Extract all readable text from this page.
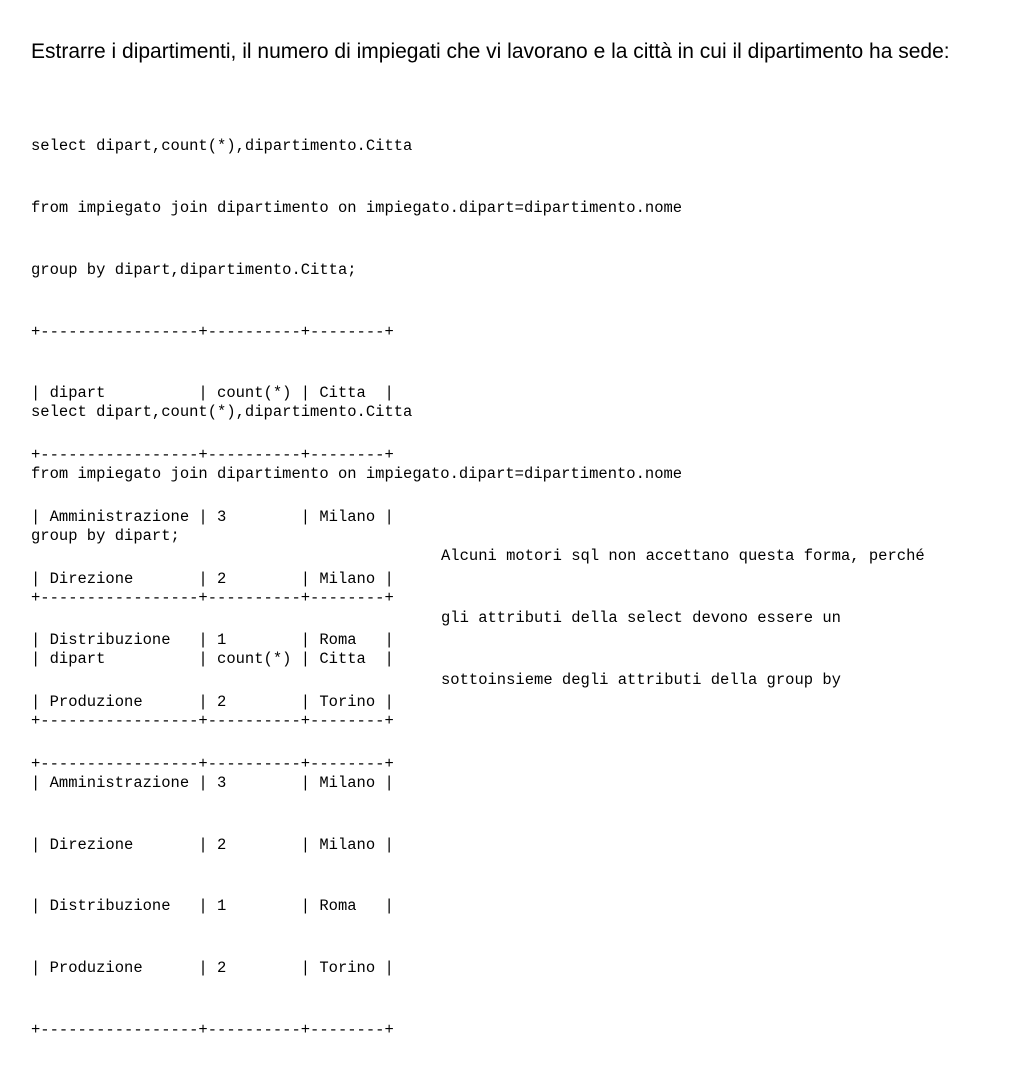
Estrarre i dipartimenti, il numero di impiegati che vi lavorano e la città in cui il dipartimento ha sede:

select dipart,count(*),dipartimento.Citta

from impiegato join dipartimento on impiegato.dipart=dipartimento.nome

group by dipart,dipartimento.Citta;

+-----------------+----------+--------+

| dipart          | count(*) | Citta  |

+-----------------+----------+--------+

| Amministrazione | 3        | Milano |

| Direzione       | 2        | Milano |

| Distribuzione   | 1        | Roma   |

| Produzione      | 2        | Torino |

+-----------------+----------+--------+

select dipart,count(*),dipartimento.Citta

from impiegato join dipartimento on impiegato.dipart=dipartimento.nome

group by dipart;

+-----------------+----------+--------+

| dipart          | count(*) | Citta  |

+-----------------+----------+--------+

| Amministrazione | 3        | Milano |

| Direzione       | 2        | Milano |

| Distribuzione   | 1        | Roma   |

| Produzione      | 2        | Torino |

+-----------------+----------+--------+

Alcuni motori sql non accettano questa forma, perché

gli attributi della select devono essere un

sottoinsieme degli attributi della group by
